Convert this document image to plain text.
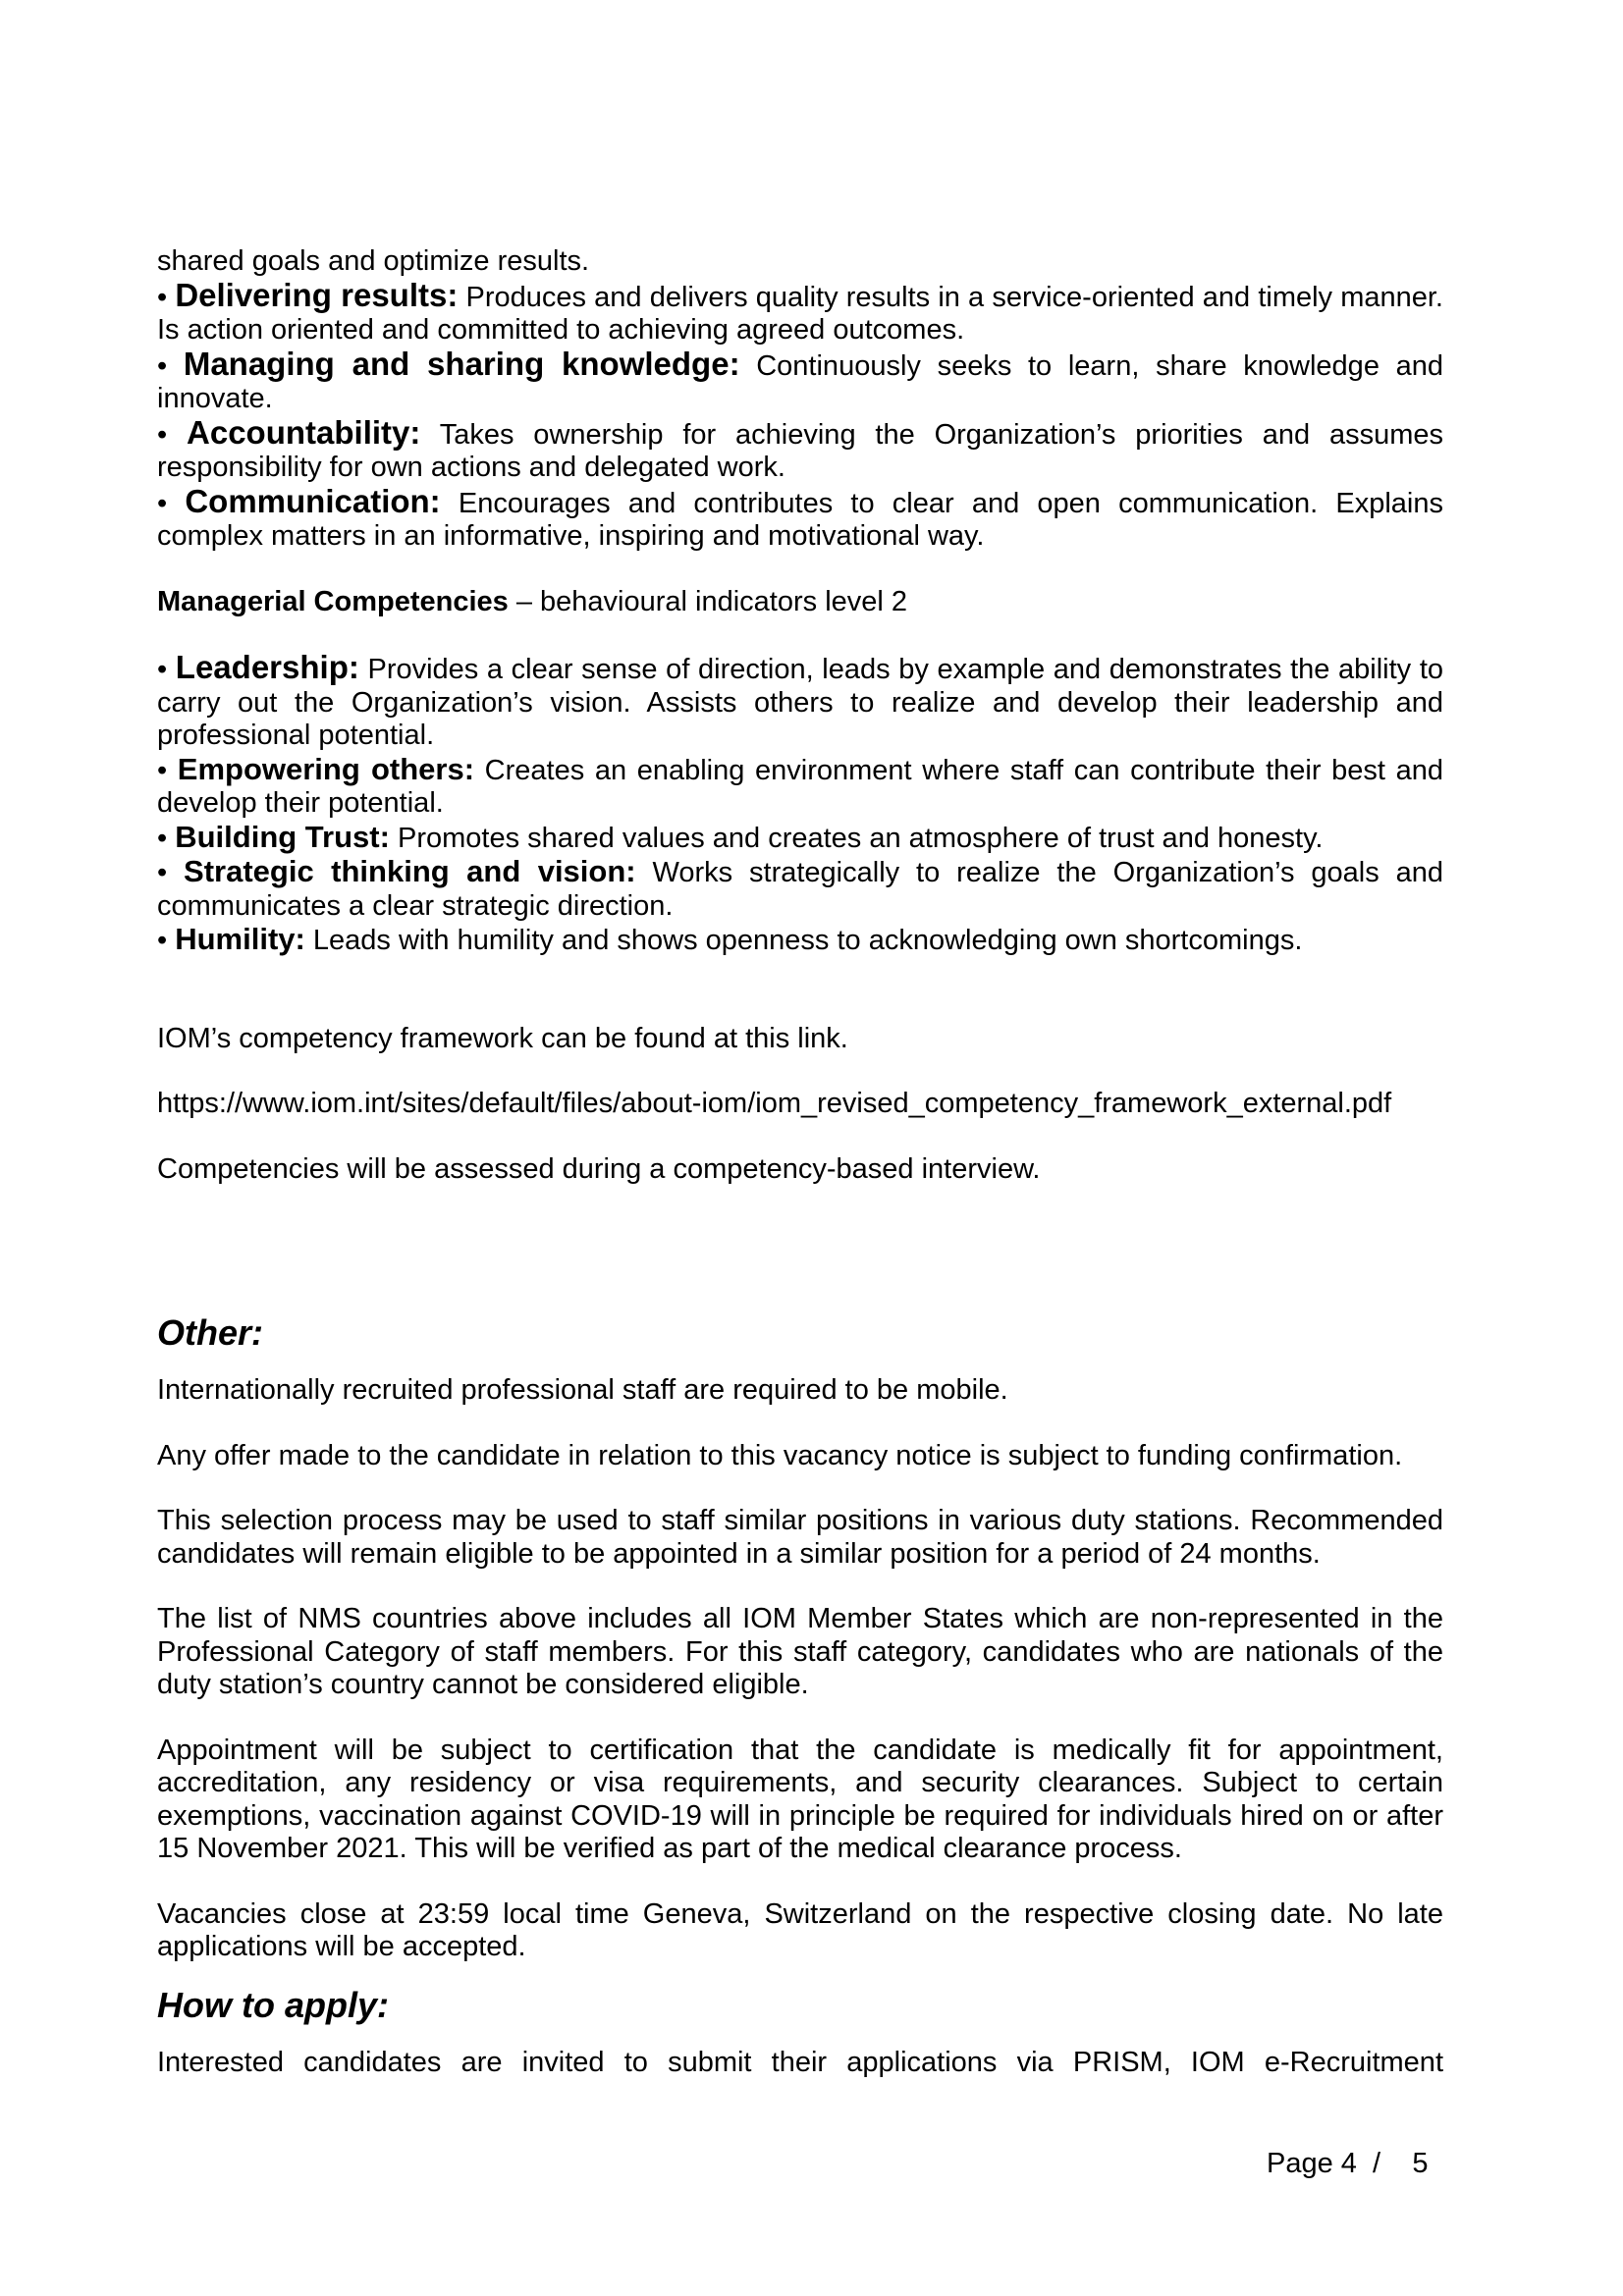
shared goals and optimize results.

• Delivering results: Produces and delivers quality results in a service-oriented and timely manner. Is action oriented and committed to achieving agreed outcomes.

• Managing and sharing knowledge: Continuously seeks to learn, share knowledge and innovate.

• Accountability: Takes ownership for achieving the Organization’s priorities and assumes responsibility for own actions and delegated work.

• Communication: Encourages and contributes to clear and open communication. Explains complex matters in an informative, inspiring and motivational way.

Managerial Competencies – behavioural indicators level 2

• Leadership: Provides a clear sense of direction, leads by example and demonstrates the ability to carry out the Organization’s vision. Assists others to realize and develop their leadership and professional potential.

• Empowering others: Creates an enabling environment where staff can contribute their best and develop their potential.

• Building Trust: Promotes shared values and creates an atmosphere of trust and honesty.

• Strategic thinking and vision: Works strategically to realize the Organization’s goals and communicates a clear strategic direction.

• Humility: Leads with humility and shows openness to acknowledging own shortcomings.

IOM’s competency framework can be found at this link.

https://www.iom.int/sites/default/files/about-iom/iom_revised_competency_framework_external.pdf

Competencies will be assessed during a competency-based interview.

Other:

Internationally recruited professional staff are required to be mobile.

Any offer made to the candidate in relation to this vacancy notice is subject to funding confirmation.

This selection process may be used to staff similar positions in various duty stations. Recommended candidates will remain eligible to be appointed in a similar position for a period of 24 months.

The list of NMS countries above includes all IOM Member States which are non-represented in the Professional Category of staff members. For this staff category, candidates who are nationals of the duty station’s country cannot be considered eligible.

Appointment will be subject to certification that the candidate is medically fit for appointment, accreditation, any residency or visa requirements, and security clearances. Subject to certain exemptions, vaccination against COVID-19 will in principle be required for individuals hired on or after 15 November 2021. This will be verified as part of the medical clearance process.

Vacancies close at 23:59 local time Geneva, Switzerland on the respective closing date. No late applications will be accepted.

How to apply:

Interested candidates are invited to submit their applications via PRISM, IOM e-Recruitment

Page 4  /    5
